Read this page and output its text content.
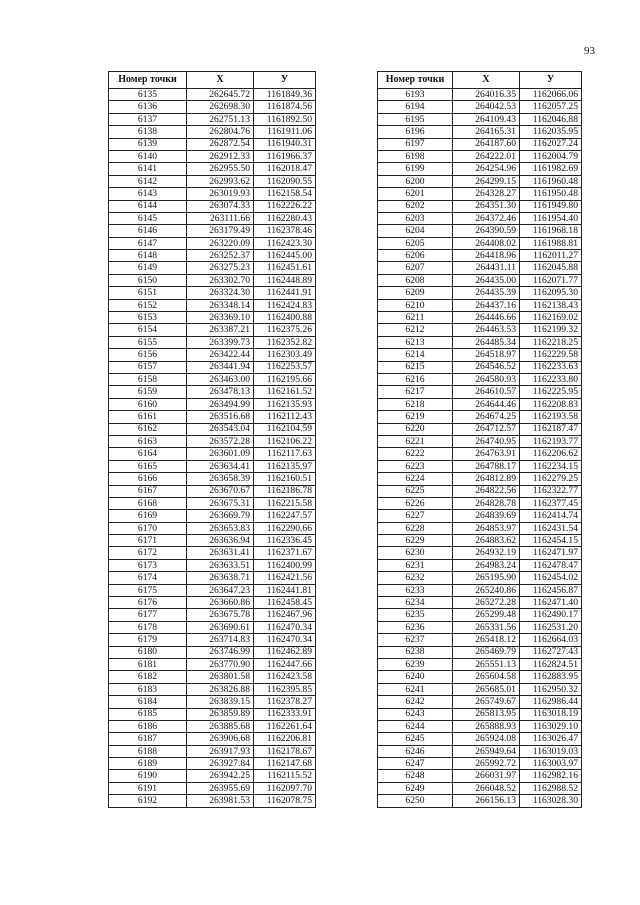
93
Номер точки	X	У
6135	262645.72	1161849.36
6136	262698.30	1161874.56
6137	262751.13	1161892.50
6138	262804.76	1161911.06
6139	262872.54	1161940.31
6140	262912.33	1161966.37
6141	262955.50	1162018.47
6142	262993.62	1162090.55
6143	263019.93	1162158.54
6144	263074.33	1162226.22
6145	263111.66	1162280.43
6146	263179.49	1162378.46
6147	263220.09	1162423.30
6148	263252.37	1162445.00
6149	263275.23	1162451.61
6150	263302.70	1162448.89
6151	263324.30	1162441.91
6152	263348.14	1162424.83
6153	263369.10	1162400.88
6154	263387.21	1162375.26
6155	263399.73	1162352.82
6156	263422.44	1162303.49
6157	263441.94	1162253.57
6158	263463.00	1162195.66
6159	263478.13	1162161.52
6160	263494.99	1162135.93
6161	263516.68	1162112.43
6162	263543.04	1162104.59
6163	263572.28	1162106.22
6164	263601.09	1162117.63
6165	263634.41	1162135.97
6166	263658.39	1162160.51
6167	263670.67	1162186.78
6168	263675.31	1162215.58
6169	263669.79	1162247.57
6170	263653.83	1162290.66
6171	263636.94	1162336.45
6172	263631.41	1162371.67
6173	263633.51	1162400.99
6174	263638.71	1162421.56
6175	263647.23	1162441.81
6176	263660.86	1162458.45
6177	263675.78	1162467.96
6178	263690.61	1162470.34
6179	263714.83	1162470.34
6180	263746.99	1162462.89
6181	263770.90	1162447.66
6182	263801.58	1162423.58
6183	263826.88	1162395.85
6184	263839.15	1162378.27
6185	263859.89	1162333.91
6186	263885.68	1162261.64
6187	263906.68	1162206.81
6188	263917.93	1162178.67
6189	263927.84	1162147.68
6190	263942.25	1162115.52
6191	263955.69	1162097.70
6192	263981.53	1162078.75
Номер точки	X	У
6193	264016.35	1162066.06
6194	264042.53	1162057.25
6195	264109.43	1162046.88
6196	264165.31	1162035.95
6197	264187.60	1162027.24
6198	264222.01	1162004.79
6199	264254.96	1161982.69
6200	264299.15	1161960.48
6201	264328.27	1161950.48
6202	264351.30	1161949.80
6203	264372.46	1161954.40
6204	264390.59	1161968.18
6205	264408.02	1161988.81
6206	264418.96	1162011.27
6207	264431.11	1162045.88
6208	264435.00	1162071.77
6209	264435.39	1162095.30
6210	264437.16	1162138.43
6211	264446.66	1162169.02
6212	264463.53	1162199.32
6213	264485.34	1162218.25
6214	264518.97	1162229.58
6215	264546.52	1162233.63
6216	264580.93	1162233.80
6217	264610.57	1162225.95
6218	264644.46	1162208.83
6219	264674.25	1162193.58
6220	264712.57	1162187.47
6221	264740.95	1162193.77
6222	264763.91	1162206.62
6223	264788.17	1162234.15
6224	264812.89	1162279.25
6225	264822.56	1162322.77
6226	264828.78	1162377.45
6227	264839.69	1162414.74
6228	264853.97	1162431.54
6229	264883.62	1162454.15
6230	264932.19	1162471.97
6231	264983.24	1162478.47
6232	265195.90	1162454.02
6233	265240.86	1162456.87
6234	265272.28	1162471.40
6235	265299.48	1162490.17
6236	265331.56	1162531.20
6237	265418.12	1162664.03
6238	265469.79	1162727.43
6239	265551.13	1162824.51
6240	265604.58	1162883.95
6241	265685.01	1162950.32
6242	265749.67	1162986.44
6243	265813.95	1163018.19
6244	265888.93	1163029.10
6245	265924.08	1163026.47
6246	265949.64	1163019.03
6247	265992.72	1163003.97
6248	266031.97	1162982.16
6249	266048.52	1162988.52
6250	266156.13	1163028.30
